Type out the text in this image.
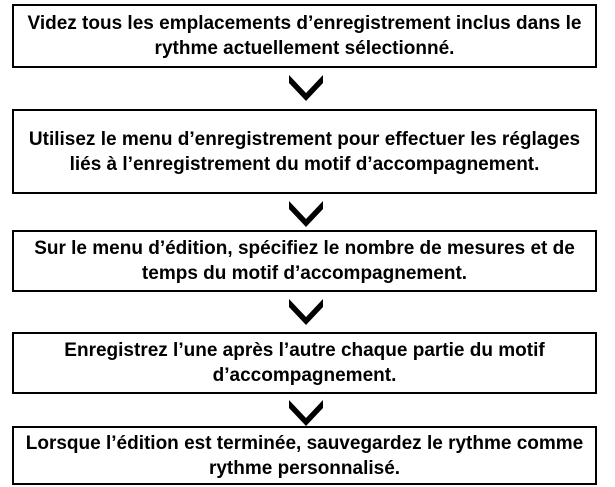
Videz tous les emplacements d’enregistrement inclus dans le rythme actuellement sélectionné.
Utilisez le menu d’enregistrement pour effectuer les réglages liés à l’enregistrement du motif d’accompagnement.
Sur le menu d’édition, spécifiez le nombre de mesures et de temps du motif d’accompagnement.
Enregistrez l’une après l’autre chaque partie du motif d’accompagnement.
Lorsque l’édition est terminée, sauvegardez le rythme comme rythme personnalisé.
